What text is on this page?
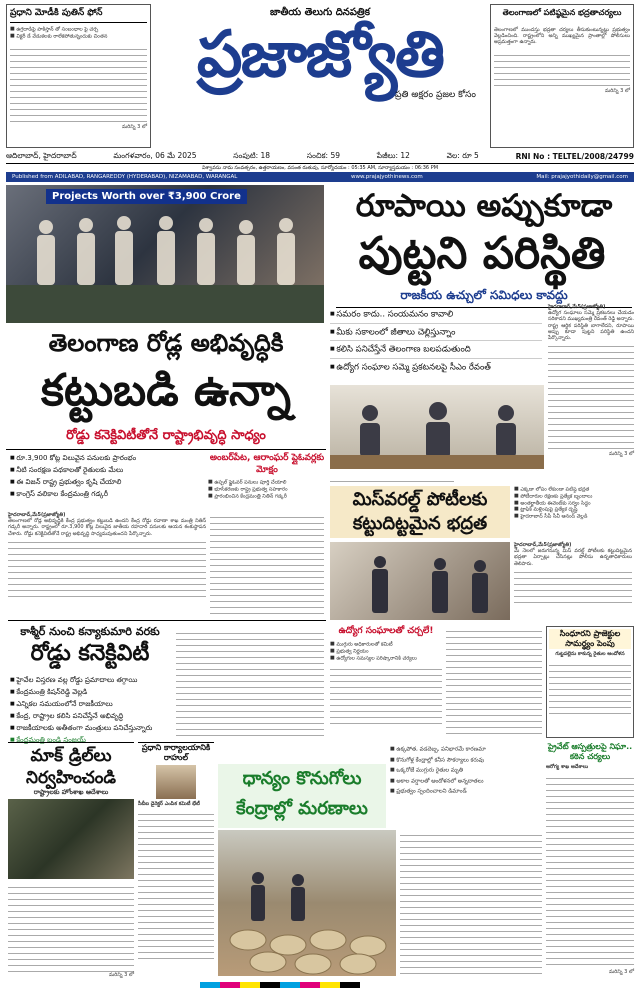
ప్రధాని మోడీకి పుతిన్ ఫోన్
■ ఉగ్రదాడిపై పాకిస్తాన్ తో సంబంధాల పై చర్చ
■ విక్టరీ డే వేడుకలకు రాలేకపోతున్నందుకు చింతన
మరిన్ని 3 లో
జాతీయ తెలుగు దినపత్రిక
ప్రజాజ్యోతి
ప్రతి అక్షరం ప్రజల కోసం
తెలంగాణలో పటిష్ఠమైన భద్రతాచర్యలు
తెలంగాణలో ముందస్తు భద్రతా చర్యలు తీసుకుంటున్నట్లు ప్రభుత్వం వెల్లడించింది. రాష్ట్రంలోని అన్ని ముఖ్యమైన ప్రాంతాల్లో పోలీసులు అప్రమత్తంగా ఉన్నారు.
మరిన్ని 3 లో
ఆదిలాబాద్, హైదరాబాద్	మంగళవారం, 06 మే 2025	సంపుటి: 18	సంచిక: 59	పేజీలు: 12	వెల: రూ 5	RNI No : TELTEL/2008/24799
విశ్వావసు నామ సంవత్సరం, ఉత్తరాయణం, వసంత రుతువు, సూర్యోదయం : 05:35 AM, సూర్యాస్తమయం : 06:36 PM
Published from ADILABAD, RANGAREDDY (HYDERABAD), NIZAMABAD, WARANGAL	www.prajajyothinews.com	Mail: prajajyothidaily@gmail.com
Projects Worth over ₹3,900 Crore	రూపాయి అప్పుకూడా
పుట్టని పరిస్థితి
రాజకీయ ఉచ్చులో సమిధలు కావద్దు
■ సమరం కాదు.. సంయమనం కావాలి
■ మీకు సకాలంలో జీతాలు చెల్లిస్తున్నాం
■ కలిసి పనిచేస్తేనే తెలంగాణ బలపడుతుంది
■ ఉద్యోగ సంఘాల సమ్మె ప్రకటనలపై సీఎం రేవంత్
హైదరాబాద్,మే5(ప్రజాజ్యోతి)
ఉద్యోగ సంఘాలు సమ్మె ప్రకటనలు చేయడం సరికాదని ముఖ్యమంత్రి రేవంత్ రెడ్డి అన్నారు. రాష్ట్ర ఆర్థిక పరిస్థితి బాగాలేదని, రూపాయి అప్పు కూడా పుట్టని పరిస్థితి ఉందని పేర్కొన్నారు.
మరిన్ని 3 లో
తెలంగాణ రోడ్ల అభివృద్ధికి
కట్టుబడి ఉన్నా
రోడ్డు కనెక్టివిటీతోనే రాష్ట్రాభివృద్ధి సాధ్యం
■ రూ.3,900 కోట్ల విలువైన పనులకు ప్రారంభం
■ నీటి సంరక్షణ పథకాలతో రైతులకు మేలు
■ ఈ విజన్ రాష్ట్ర ప్రభుత్వం కృషి చేయాలి
■ కాంగ్రెస్ వలికాల కేంద్రమంత్రి గడ్కరీ
అంబర్‌పేట, ఆరాంఘర్ ప్లైఓవర్లకు మోక్షం
■ ఉప్పల్ ఫ్లైఓవర్ పనులు పూర్తి చేయాలి
■ భూసేకరణకు రాష్ట్ర ప్రభుత్వ సహకారం
■ ప్రారంభించిన కేంద్రమంత్రి నితిన్ గడ్కరీ
హైదరాబాద్,మే5(ప్రజాజ్యోతి)
తెలంగాణలో రోడ్ల అభివృద్ధికి కేంద్ర ప్రభుత్వం కట్టుబడి ఉందని కేంద్ర రోడ్డు రవాణా శాఖ మంత్రి నితిన్ గడ్కరీ అన్నారు. రాష్ట్రంలో రూ.3,900 కోట్ల విలువైన జాతీయ రహదారి పనులకు ఆయన శంకుస్థాపన చేశారు. రోడ్డు కనెక్టివిటీతోనే రాష్ట్ర అభివృద్ధి సాధ్యమవుతుందని పేర్కొన్నారు.
మిస్‌వరల్డ్ పోటీలకు
కట్టుదిట్టమైన భద్రత
■ ఎక్కడా లోపం లేకుండా పటిష్ఠ భద్రత
■ పోటీదారుల రక్షణకు ప్రత్యేక బృందాలు
■ అంతర్జాతీయ ఈవెంట్‌కు సర్వం సిద్ధం
■ ట్రాఫిక్ మళ్లింపుపై ప్రత్యేక దృష్టి
■ హైదరాబాద్ సీపీ సీవీ ఆనంద్ వెల్లడి
హైదరాబాద్,మే5(ప్రజాజ్యోతి)
మే నెలలో జరుగనున్న మిస్ వరల్డ్ పోటీలకు కట్టుదిట్టమైన భద్రతా ఏర్పాట్లు చేసినట్లు పోలీసు ఉన్నతాధికారులు తెలిపారు.
కాశ్మీర్ నుంచి కన్యాకుమారి వరకు
రోడ్డు కనెక్టివిటీ
■ హైవేల విస్తరణ వల్ల రోడ్డు ప్రమాదాలు తగ్గాయి
■ కేంద్రమంత్రి కిషన్‌రెడ్డి వెల్లడి
■ ఎన్నికల సమయంలోనే రాజకీయాలు
■ కేంద్ర, రాష్ట్రాల కలిసి పనిచేస్తేనే అభివృద్ధి
■ రాజకీయాలకు అతీతంగా మంత్రులు పనిచేస్తున్నారు
■ కేంద్రమంత్రి బండి సంజయ్
ఉద్యోగ సంఘాలతో చర్చలే!
■ ముగ్గురు అధికారులతో కమిటీ
■ ప్రభుత్వ నిర్ణయం
■ ఉద్యోగుల సమస్యల పరిష్కారానికి చర్యలు
సింధూరని ప్రాజెక్టుల సామర్థ్యం పెంపు
గుట్టపల్లెను కాకున్న రైతుల ఆందోళన
మాక్ డ్రిల్‌లు
నిర్వహించండి
రాష్ట్రాలకు హోంశాఖ ఆదేశాలు
మరిన్ని 3 లో
ప్రధాని కార్యాలయానికి రాహుల్
సీబీఐ డైరెక్టర్ ఎంపిక కమిటీ భేటీ
ధాన్యం కొనుగోలు
కేంద్రాల్లో మరణాలు
■ ఉక్కపోత, వడదెబ్బ, పనిభారమే కారణమా
■ కొనుగోళ్ల కేంద్రాల్లో కనీస సౌకర్యాలు కరువు
■ ఒక్కరోజే ముగ్గురు రైతుల మృతి
■ అకాల వర్షాలతో ఆందోళనలో అన్నదాతలు
■ ప్రభుత్వం స్పందించాలని డిమాండ్
ప్రైవేట్ ఆస్పత్రులపై నిఘా.. కఠిన చర్యలు
ఆరోగ్య శాఖ ఆదేశాలు
మరిన్ని 3 లో
